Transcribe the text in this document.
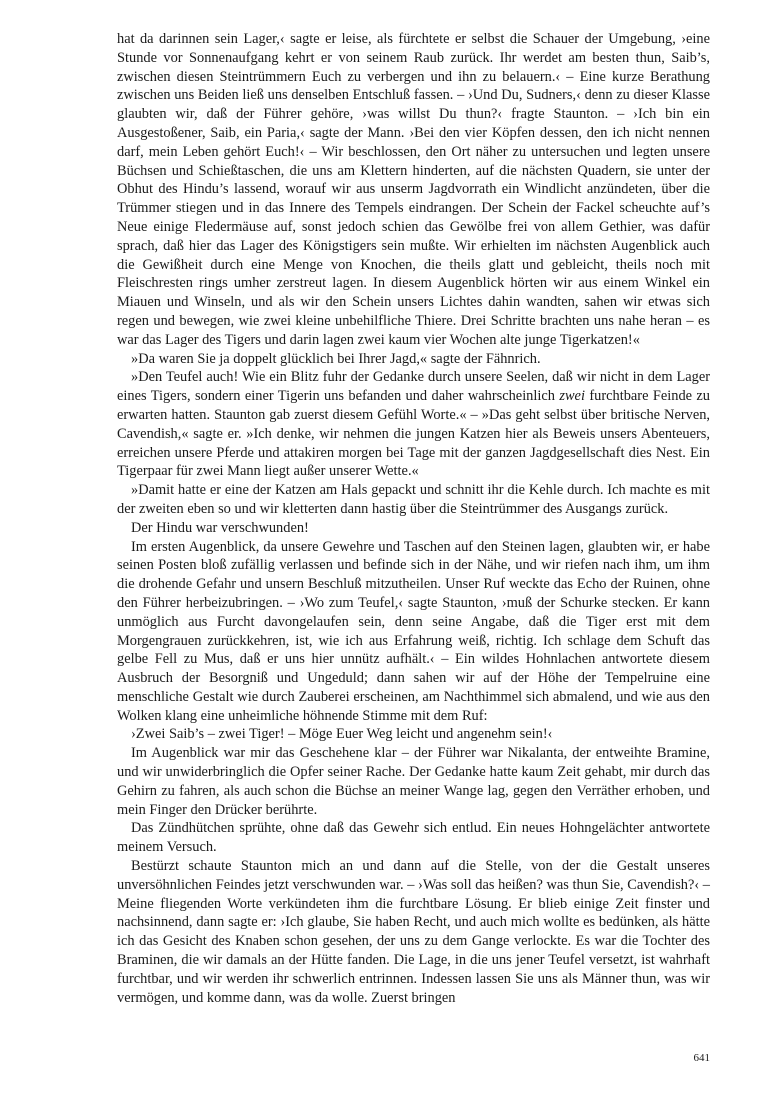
hat da darinnen sein Lager,‹ sagte er leise, als fürchtete er selbst die Schauer der Umgebung, ›eine Stunde vor Sonnenaufgang kehrt er von seinem Raub zurück. Ihr werdet am besten thun, Saib’s, zwischen diesen Steintrümmern Euch zu verbergen und ihn zu belauern.‹ – Eine kurze Berathung zwischen uns Beiden ließ uns denselben Entschluß fassen. – ›Und Du, Sudners,‹ denn zu dieser Klasse glaubten wir, daß der Führer gehöre, ›was willst Du thun?‹ fragte Staunton. – ›Ich bin ein Ausgestoßener, Saib, ein Paria,‹ sagte der Mann. ›Bei den vier Köpfen dessen, den ich nicht nennen darf, mein Leben gehört Euch!‹ – Wir beschlossen, den Ort näher zu untersuchen und legten unsere Büchsen und Schießtaschen, die uns am Klettern hinderten, auf die nächsten Quadern, sie unter der Obhut des Hindu’s lassend, worauf wir aus unserm Jagdvorrath ein Windlicht anzündeten, über die Trümmer stiegen und in das Innere des Tempels eindrangen. Der Schein der Fackel scheuchte auf’s Neue einige Fledermäuse auf, sonst jedoch schien das Gewölbe frei von allem Gethier, was dafür sprach, daß hier das Lager des Königstigers sein mußte. Wir erhielten im nächsten Augenblick auch die Gewißheit durch eine Menge von Knochen, die theils glatt und gebleicht, theils noch mit Fleischresten rings umher zerstreut lagen. In diesem Augenblick hörten wir aus einem Winkel ein Miauen und Winseln, und als wir den Schein unsers Lichtes dahin wandten, sahen wir etwas sich regen und bewegen, wie zwei kleine unbehilfliche Thiere. Drei Schritte brachten uns nahe heran – es war das Lager des Tigers und darin lagen zwei kaum vier Wochen alte junge Tigerkatzen!«

»Da waren Sie ja doppelt glücklich bei Ihrer Jagd,« sagte der Fähnrich.

»Den Teufel auch! Wie ein Blitz fuhr der Gedanke durch unsere Seelen, daß wir nicht in dem Lager eines Tigers, sondern einer Tigerin uns befanden und daher wahrscheinlich zwei furchtbare Feinde zu erwarten hatten. Staunton gab zuerst diesem Gefühl Worte.« – »Das geht selbst über britische Nerven, Cavendish,« sagte er. »Ich denke, wir nehmen die jungen Katzen hier als Beweis unsers Abenteuers, erreichen unsere Pferde und attakiren morgen bei Tage mit der ganzen Jagdgesellschaft dies Nest. Ein Tigerpaar für zwei Mann liegt außer unserer Wette.«

»Damit hatte er eine der Katzen am Hals gepackt und schnitt ihr die Kehle durch. Ich machte es mit der zweiten eben so und wir kletterten dann hastig über die Steintrümmer des Ausgangs zurück.

Der Hindu war verschwunden!

Im ersten Augenblick, da unsere Gewehre und Taschen auf den Steinen lagen, glaubten wir, er habe seinen Posten bloß zufällig verlassen und befinde sich in der Nähe, und wir riefen nach ihm, um ihm die drohende Gefahr und unsern Beschluß mitzutheilen. Unser Ruf weckte das Echo der Ruinen, ohne den Führer herbeizubringen. – ›Wo zum Teufel,‹ sagte Staunton, ›muß der Schurke stecken. Er kann unmöglich aus Furcht davongelaufen sein, denn seine Angabe, daß die Tiger erst mit dem Morgengrauen zurückkehren, ist, wie ich aus Erfahrung weiß, richtig. Ich schlage dem Schuft das gelbe Fell zu Mus, daß er uns hier unnütz aufhält.‹ – Ein wildes Hohnlachen antwortete diesem Ausbruch der Besorgniß und Ungeduld; dann sahen wir auf der Höhe der Tempelruine eine menschliche Gestalt wie durch Zauberei erscheinen, am Nachthimmel sich abmalend, und wie aus den Wolken klang eine unheimliche höhnende Stimme mit dem Ruf:

›Zwei Saib’s – zwei Tiger! – Möge Euer Weg leicht und angenehm sein!‹

Im Augenblick war mir das Geschehene klar – der Führer war Nikalanta, der entweihte Bramine, und wir unwiderbringlich die Opfer seiner Rache. Der Gedanke hatte kaum Zeit gehabt, mir durch das Gehirn zu fahren, als auch schon die Büchse an meiner Wange lag, gegen den Verräther erhoben, und mein Finger den Drücker berührte.

Das Zündhütchen sprühte, ohne daß das Gewehr sich entlud. Ein neues Hohngelächter antwortete meinem Versuch.

Bestürzt schaute Staunton mich an und dann auf die Stelle, von der die Gestalt unseres unversöhnlichen Feindes jetzt verschwunden war. – ›Was soll das heißen? was thun Sie, Cavendish?‹ – Meine fliegenden Worte verkündeten ihm die furchtbare Lösung. Er blieb einige Zeit finster und nachsinnend, dann sagte er: ›Ich glaube, Sie haben Recht, und auch mich wollte es bedünken, als hätte ich das Gesicht des Knaben schon gesehen, der uns zu dem Gange verlockte. Es war die Tochter des Braminen, die wir damals an der Hütte fanden. Die Lage, in die uns jener Teufel versetzt, ist wahrhaft furchtbar, und wir werden ihr schwerlich entrinnen. Indessen lassen Sie uns als Männer thun, was wir vermögen, und komme dann, was da wolle. Zuerst bringen

641
